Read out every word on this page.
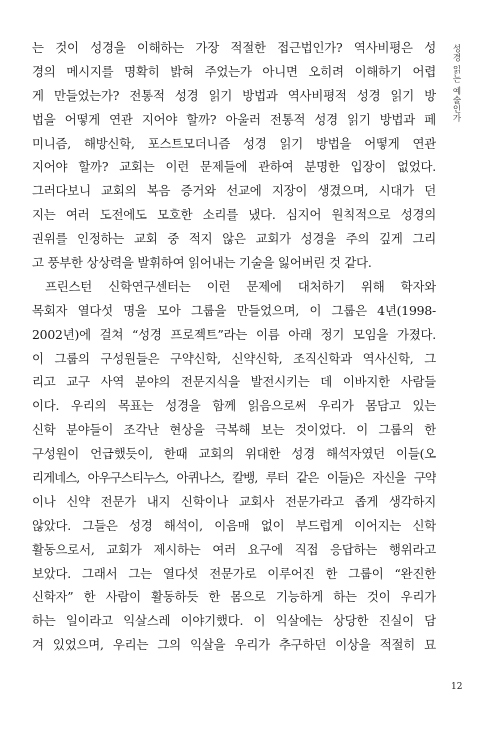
성경 읽는 예술인가
는 것이 성경을 이해하는 가장 적절한 접근법인가? 역사비평은 성
경의 메시지를 명확히 밝혀 주었는가 아니면 오히려 이해하기 어렵
게 만들었는가? 전통적 성경 읽기 방법과 역사비평적 성경 읽기 방
법을 어떻게 연관 지어야 할까? 아울러 전통적 성경 읽기 방법과 페
미니즘, 해방신학, 포스트모더니즘 성경 읽기 방법을 어떻게 연관
지어야 할까? 교회는 이런 문제들에 관하여 분명한 입장이 없었다.
그러다보니 교회의 복음 증거와 선교에 지장이 생겼으며, 시대가 던
지는 여러 도전에도 모호한 소리를 냈다. 심지어 원칙적으로 성경의
권위를 인정하는 교회 중 적지 않은 교회가 성경을 주의 깊게 그리
고 풍부한 상상력을 발휘하여 읽어내는 기술을 잃어버린 것 같다.
프린스턴 신학연구센터는 이런 문제에 대처하기 위해 학자와
목회자 열다섯 명을 모아 그룹을 만들었으며, 이 그룹은 4년(1998-
2002년)에 걸쳐 “성경 프로젝트”라는 이름 아래 정기 모임을 가졌다.
이 그룹의 구성원들은 구약신학, 신약신학, 조직신학과 역사신학, 그
리고 교구 사역 분야의 전문지식을 발전시키는 데 이바지한 사람들
이다. 우리의 목표는 성경을 함께 읽음으로써 우리가 몸담고 있는
신학 분야들이 조각난 현상을 극복해 보는 것이었다. 이 그룹의 한
구성원이 언급했듯이, 한때 교회의 위대한 성경 해석자였던 이들(오
리게네스, 아우구스티누스, 아퀴나스, 칼뱅, 루터 같은 이들)은 자신을 구약
이나 신약 전문가 내지 신학이나 교회사 전문가라고 좁게 생각하지
않았다. 그들은 성경 해석이, 이음매 없이 부드럽게 이어지는 신학
활동으로서, 교회가 제시하는 여러 요구에 직접 응답하는 행위라고
보았다. 그래서 그는 열다섯 전문가로 이루어진 한 그룹이 “완진한
신학자” 한 사람이 활동하듯 한 몸으로 기능하게 하는 것이 우리가
하는 일이라고 익살스레 이야기했다. 이 익살에는 상당한 진실이 담
겨 있었으며, 우리는 그의 익살을 우리가 추구하던 이상을 적절히 묘
12
